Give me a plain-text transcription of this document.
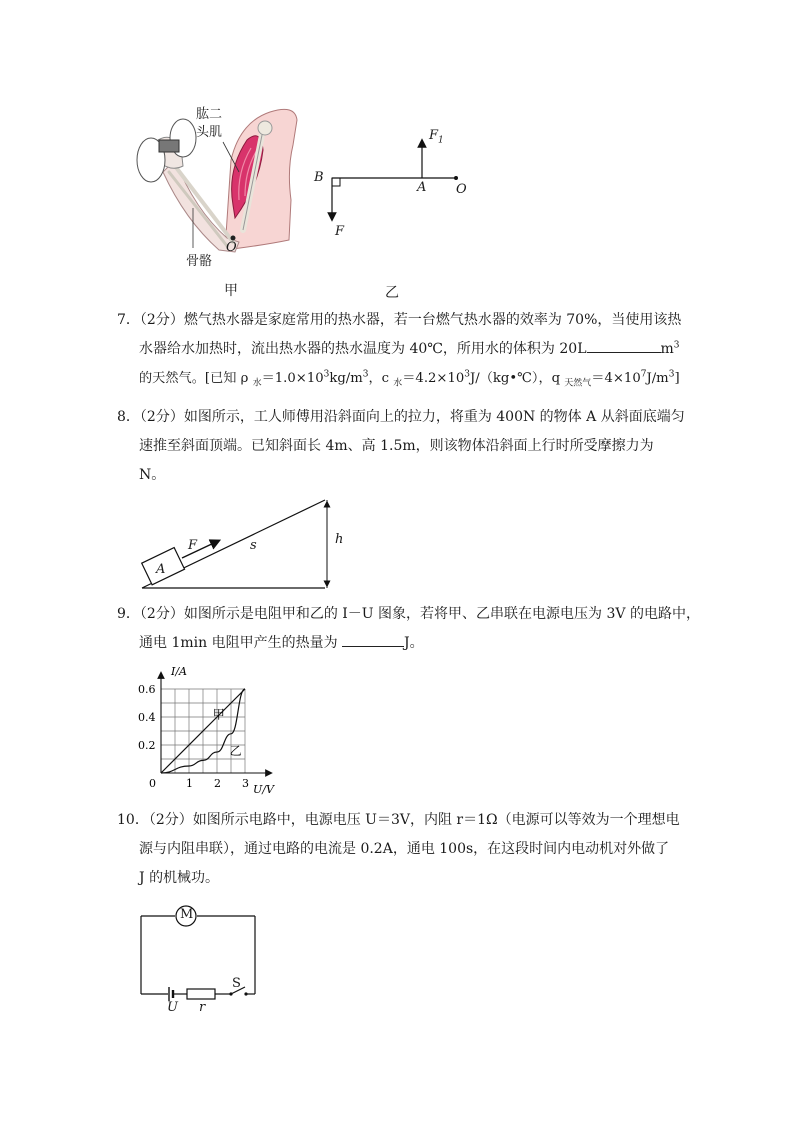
肱二
头肌
骨骼
O
甲	乙
$F_1$
B
A O
F
7．（2分）燃气热水器是家庭常用的热水器，若一台燃气热水器的效率为 70%，当使用该热
水器给水加热时，流出热水器的热水温度为 40℃，所用水的体积为 20L	$m^3$
的天然气。[已知 ρ $_水=1.0\times 10^3kg/m^3$，c $_水=4.2\times 10^3J/(kg•℃)$，q $_{天然气}=4\times 10^7J/m^3$]
8．（2分）如图所示，工人师傅用沿斜面向上的拉力，将重为 400N 的物体 A 从斜面底端匀
速推至斜面顶端。已知斜面长 4m、高 1.5m，则该物体沿斜面上行时所受摩擦力为
N。
A
F	s	h
9．（2分）如图所示是电阻甲和乙的 I－U 图象，若将甲、乙串联在电源电压为 3V 的电路中，
通电 1min 电阻甲产生的热量为	J。
甲
乙
0.2
0.4
0.6
1 2 3
0
I/A
U/V
10．（2分）如图所示电路中，电源电压 U＝3V，内阻 r＝1Ω（电源可以等效为一个理想电
源与内阻串联），通过电路的电流是 0.2A，通电 100s，在这段时间内电动机对外做了
J 的机械功。
M
S
U r
